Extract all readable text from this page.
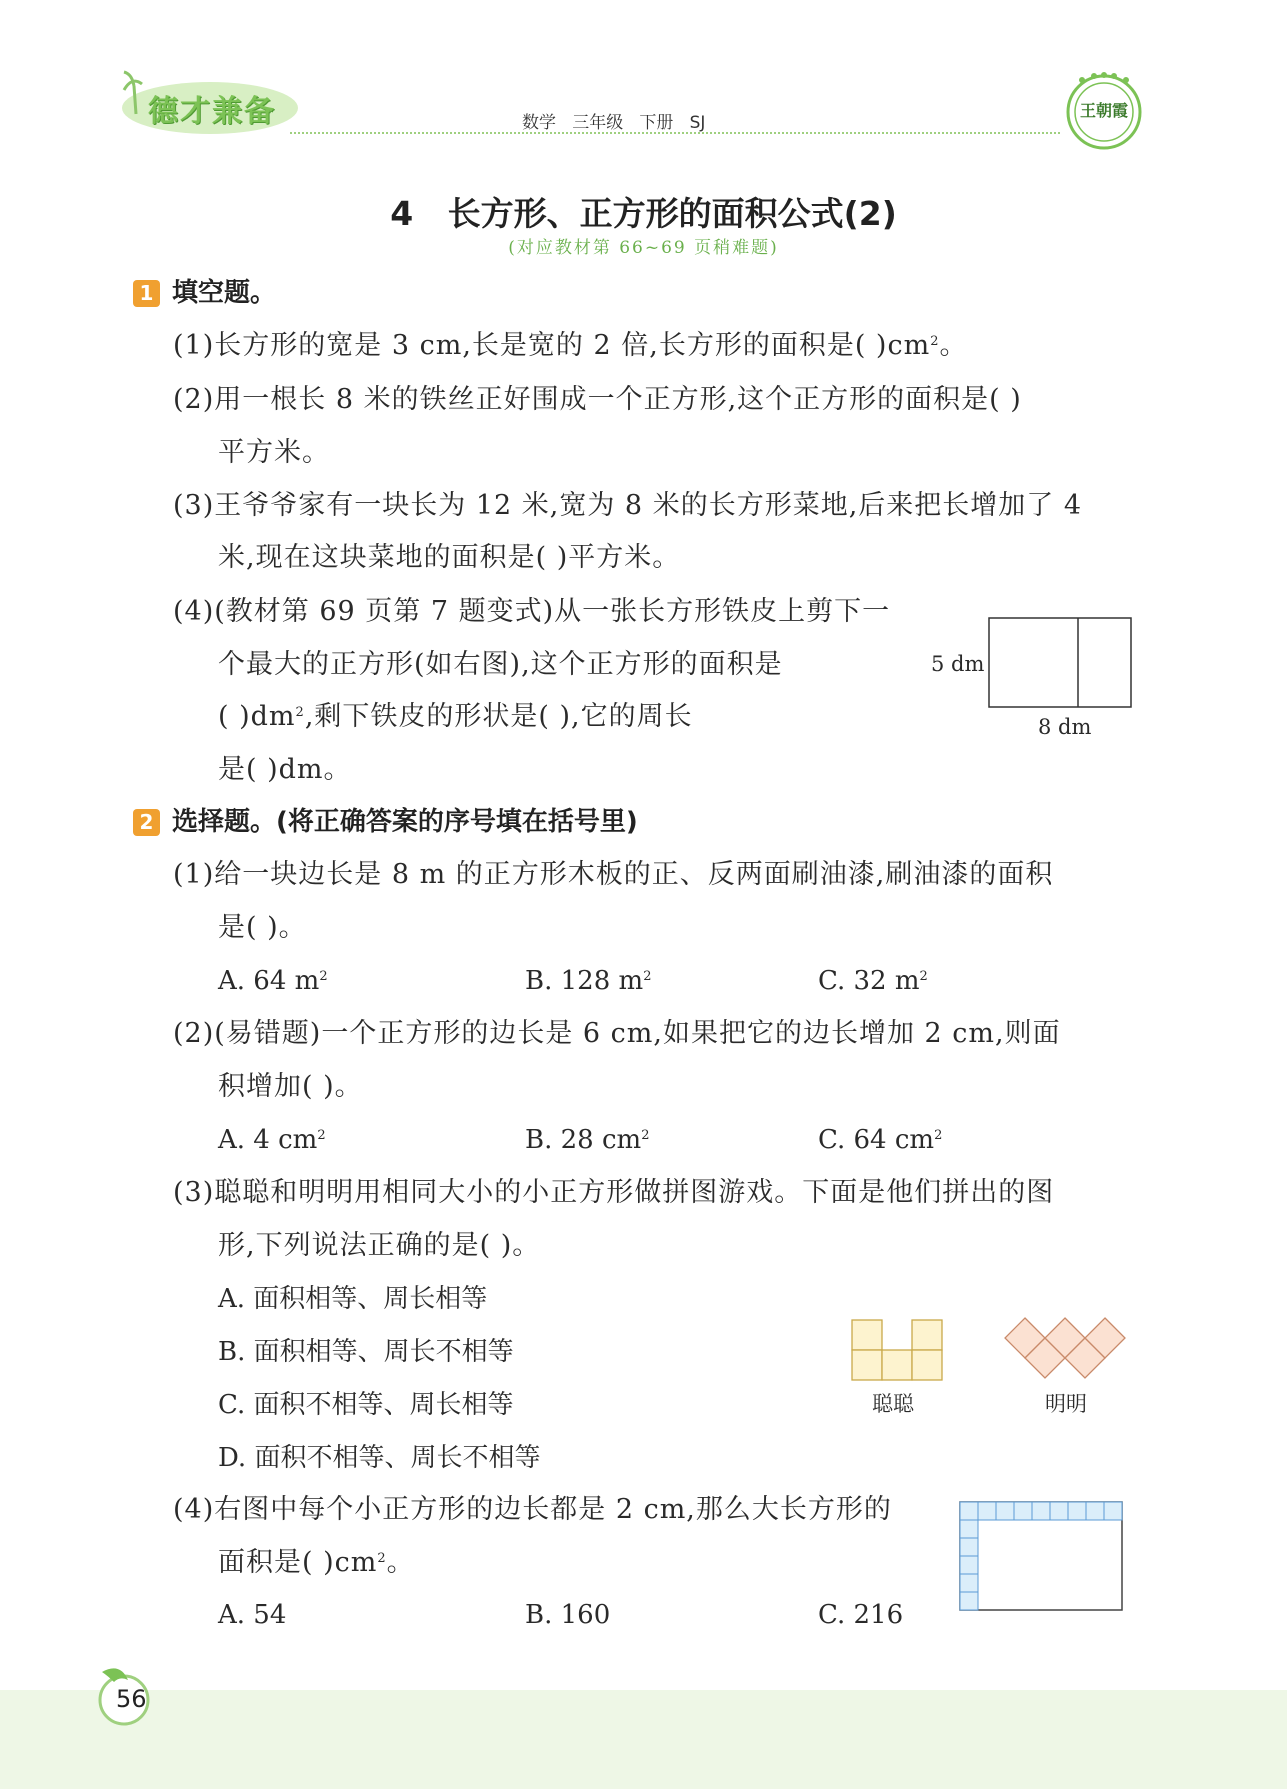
德才兼备	数学   三年级   下册   SJ
王朝霞
4   长方形、正方形的面积公式(2)
(对应教材第 66~69 页稍难题)
1 填空题。
(1)长方形的宽是 3 cm,长是宽的 2 倍,长方形的面积是( )$cm^2$。
(2)用一根长 8 米的铁丝正好围成一个正方形,这个正方形的面积是( )
平方米。
(3)王爷爷家有一块长为 12 米,宽为 8 米的长方形菜地,后来把长增加了 4
米,现在这块菜地的面积是( )平方米。
(4)(教材第 69 页第 7 题变式)从一张长方形铁皮上剪下一
个最大的正方形(如右图),这个正方形的面积是
( )$dm^2$,剩下铁皮的形状是( ),它的周长
是( )dm。
5 dm
8 dm
2 选择题。(将正确答案的序号填在括号里)
(1)给一块边长是 8 m 的正方形木板的正、反两面刷油漆,刷油漆的面积
是( )。
A. 64 $m^2$	B. 128 $m^2$	C. 32 $m^2$
(2)(易错题)一个正方形的边长是 6 cm,如果把它的边长增加 2 cm,则面
积增加( )。
A. 4 $cm^2$	B. 28 $cm^2$	C. 64 $cm^2$
(3)聪聪和明明用相同大小的小正方形做拼图游戏。下面是他们拼出的图
形,下列说法正确的是( )。
A. 面积相等、周长相等
B. 面积相等、周长不相等
C. 面积不相等、周长相等
D. 面积不相等、周长不相等
聪聪	明明
(4)右图中每个小正方形的边长都是 2 cm,那么大长方形的
面积是( )$cm^2$。
A. 54	B. 160	C. 216
56
